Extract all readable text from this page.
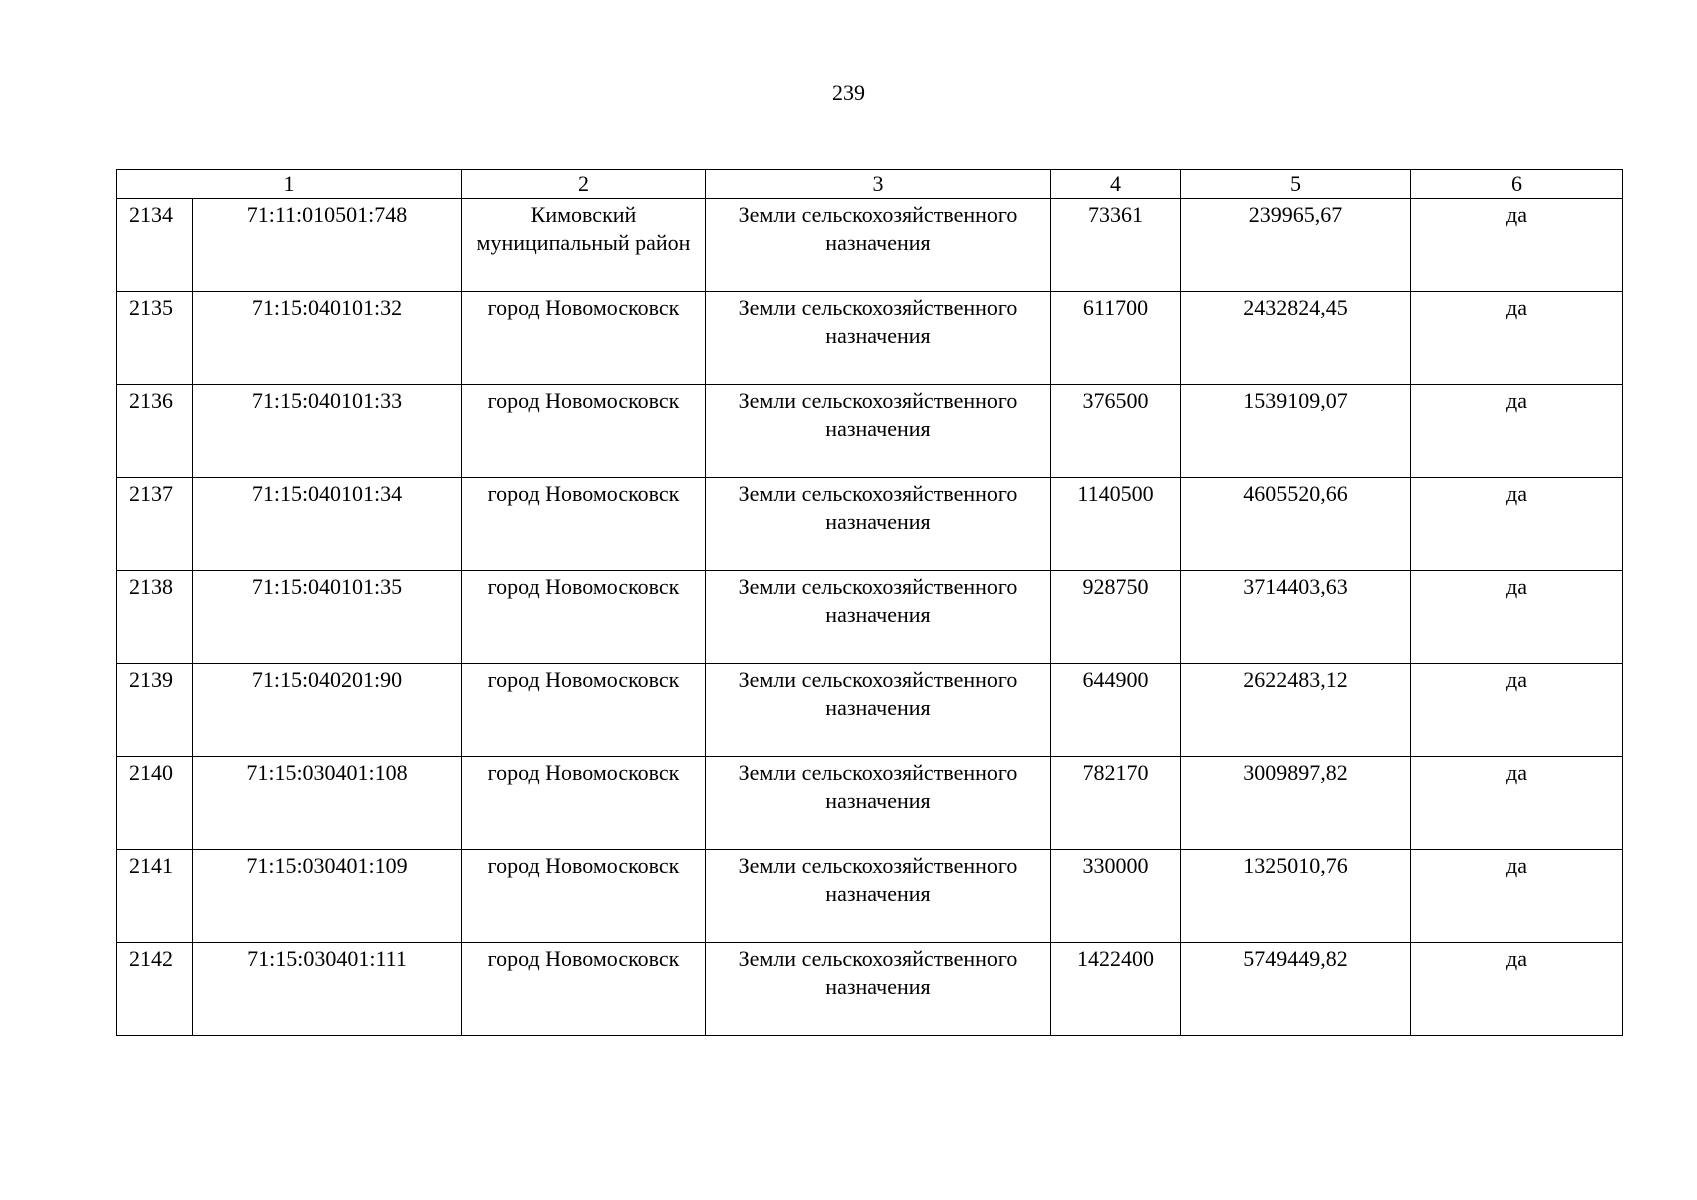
239
1		2	3	4	5	6
2134	71:11:010501:748	Кимовский муниципальный район	Земли сельскохозяйственного назначения	73361	239965,67	да
2135	71:15:040101:32	город Новомосковск	Земли сельскохозяйственного назначения	611700	2432824,45	да
2136	71:15:040101:33	город Новомосковск	Земли сельскохозяйственного назначения	376500	1539109,07	да
2137	71:15:040101:34	город Новомосковск	Земли сельскохозяйственного назначения	1140500	4605520,66	да
2138	71:15:040101:35	город Новомосковск	Земли сельскохозяйственного назначения	928750	3714403,63	да
2139	71:15:040201:90	город Новомосковск	Земли сельскохозяйственного назначения	644900	2622483,12	да
2140	71:15:030401:108	город Новомосковск	Земли сельскохозяйственного назначения	782170	3009897,82	да
2141	71:15:030401:109	город Новомосковск	Земли сельскохозяйственного назначения	330000	1325010,76	да
2142	71:15:030401:111	город Новомосковск	Земли сельскохозяйственного назначения	1422400	5749449,82	да
